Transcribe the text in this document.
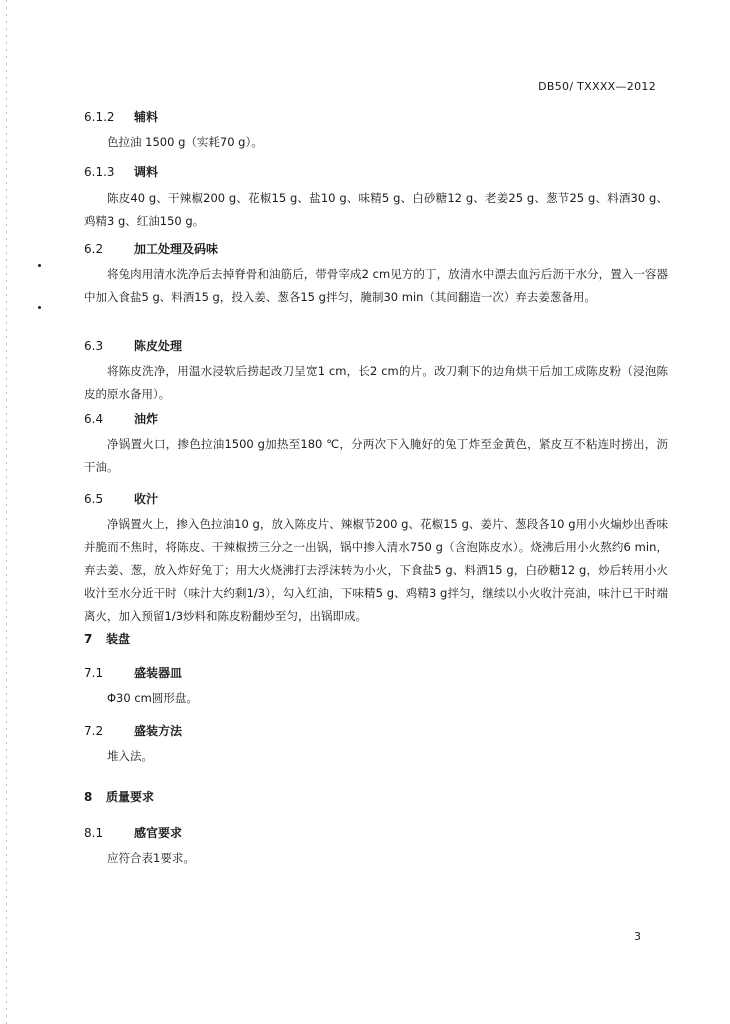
DB50/ TXXXX—2012
6.1.2 辅料

色拉油 1500 g（实耗70 g）。

6.1.3 调料

陈皮40 g、干辣椒200 g、花椒15 g、盐10 g、味精5 g、白砂糖12 g、老姜25 g、葱节25 g、料酒30 g、鸡精3 g、红油150 g。

6.2	加工处理及码味

将兔肉用清水洗净后去掉脊骨和油筋后，带骨宰成2 cm见方的丁，放清水中漂去血污后沥干水分，置入一容器中加入食盐5 g、料酒15 g，投入姜、葱各15 g拌匀，腌制30 min（其间翻造一次）弃去姜葱备用。

6.3	陈皮处理

将陈皮洗净，用温水浸软后捞起改刀呈宽1 cm，长2 cm的片。改刀剩下的边角烘干后加工成陈皮粉（浸泡陈皮的原水备用）。

6.4	油炸

净锅置火口，掺色拉油1500 g加热至180 ℃，分两次下入腌好的兔丁炸至金黄色，紧皮互不粘连时捞出，沥干油。

6.5	收汁

净锅置火上，掺入色拉油10 g，放入陈皮片、辣椒节200 g、花椒15 g、姜片、葱段各10 g用小火煸炒出香味并脆而不焦时，将陈皮、干辣椒捞三分之一出锅，锅中掺入清水750 g（含泡陈皮水）。烧沸后用小火熬约6 min，弃去姜、葱，放入炸好兔丁；用大火烧沸打去浮沫转为小火，下食盐5 g、料酒15 g，白砂糖12 g，炒后转用小火收汁至水分近干时（味汁大约剩1/3），勾入红油，下味精5 g、鸡精3 g拌匀，继续以小火收汁亮油，味汁已干时端离火，加入预留1/3炒料和陈皮粉翻炒至匀，出锅即成。

7 装盘
7.1	盛装器皿

Φ30 cm圆形盘。

7.2	盛装方法

堆入法。

8 质量要求
8.1	感官要求

应符合表1要求。

3
